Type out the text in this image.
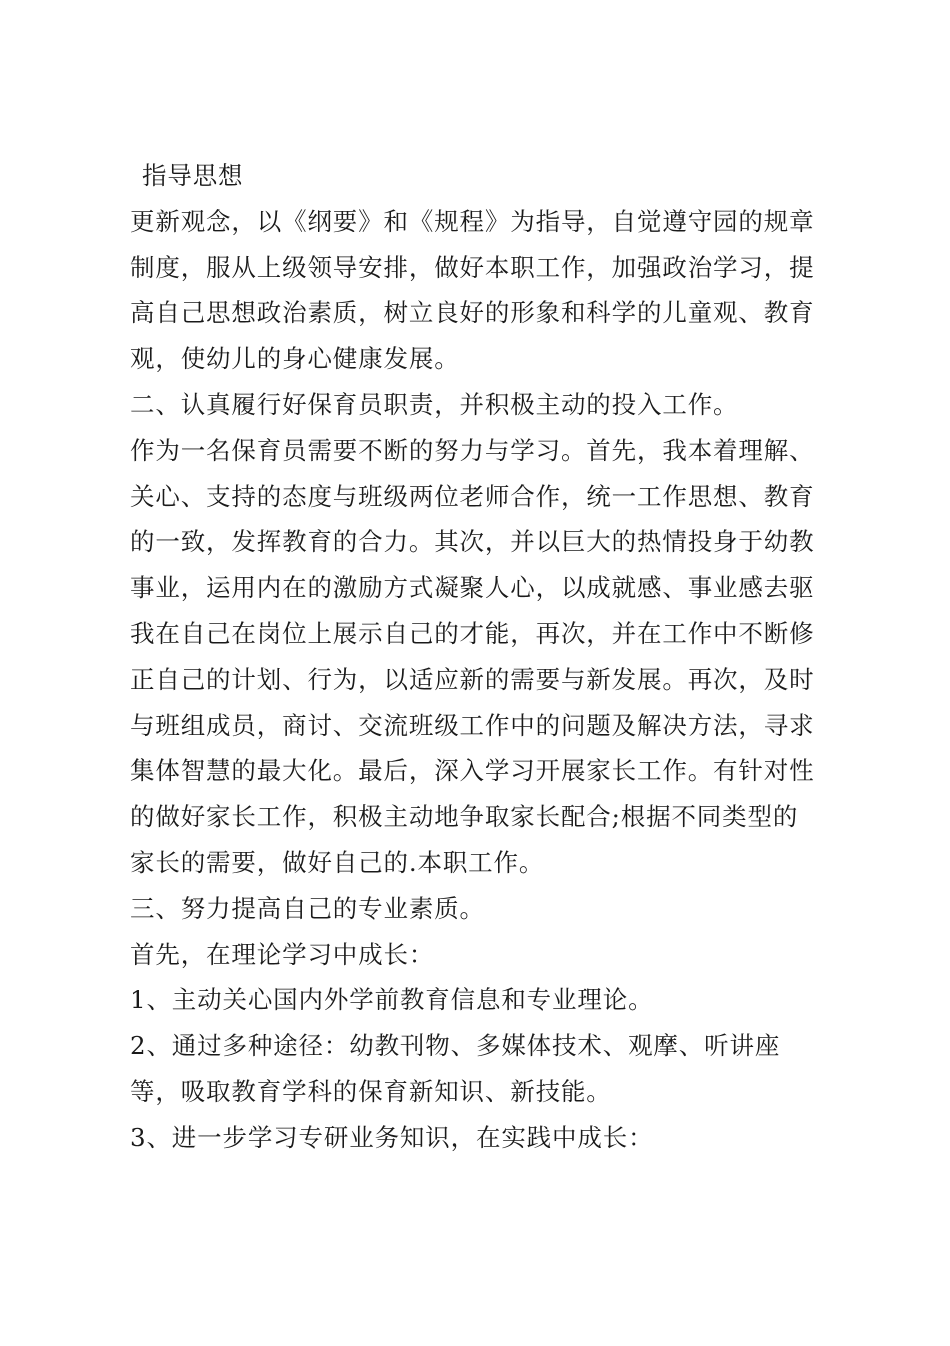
指导思想
更新观念，以《纲要》和《规程》为指导，自觉遵守园的规章
制度，服从上级领导安排，做好本职工作，加强政治学习，提
高自己思想政治素质，树立良好的形象和科学的儿童观、教育
观，使幼儿的身心健康发展。
二、认真履行好保育员职责，并积极主动的投入工作。
作为一名保育员需要不断的努力与学习。首先，我本着理解、
关心、支持的态度与班级两位老师合作，统一工作思想、教育
的一致，发挥教育的合力。其次，并以巨大的热情投身于幼教
事业，运用内在的激励方式凝聚人心，以成就感、事业感去驱
我在自己在岗位上展示自己的才能，再次，并在工作中不断修
正自己的计划、行为，以适应新的需要与新发展。再次，及时
与班组成员，商讨、交流班级工作中的问题及解决方法，寻求
集体智慧的最大化。最后，深入学习开展家长工作。有针对性
的做好家长工作，积极主动地争取家长配合;根据不同类型的
家长的需要，做好自己的.本职工作。
三、努力提高自己的专业素质。
首先，在理论学习中成长：
1、主动关心国内外学前教育信息和专业理论。
2、通过多种途径：幼教刊物、多媒体技术、观摩、听讲座
等，吸取教育学科的保育新知识、新技能。
3、进一步学习专研业务知识，在实践中成长：
